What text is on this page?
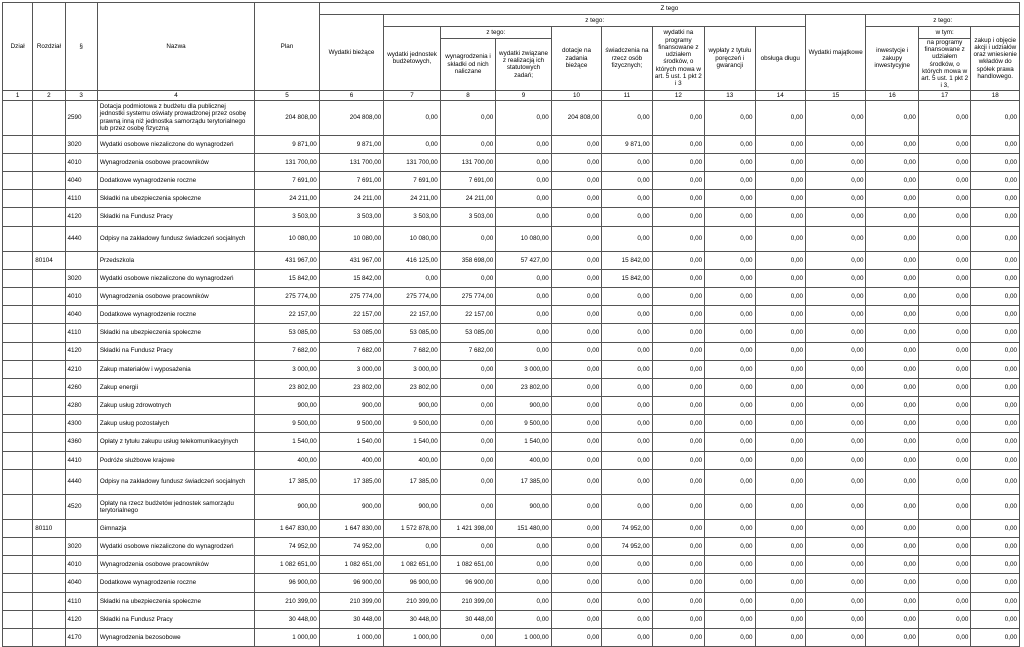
Dział	Rozdział	§	Nazwa	Plan	Z tego												
					Wydatki bieżące	z tego:								Wydatki majątkowe	z tego:		
						wydatki jednostek budżetowych,	z tego:		dotacje na zadania bieżące	świadczenia na rzecz osób fizycznych;	wydatki na programy finansowane z udziałem środków, o których mowa w art. 5 ust. 1 pkt 2 i 3	wypłaty z tytułu poręczeń i gwarancji	obsługa długu		inwestycje i zakupy inwestycyjne	w tym:	zakup i objęcie akcji i udziałów oraz wniesienie wkładów do spółek prawa handlowego.
							wynagrodzenia i składki od nich naliczane	wydatki związane z realizacją ich statutowych zadań;								na programy finansowane z udziałem środków, o których mowa w art. 5 ust. 1 pkt 2 i 3,	

1	2	3	4	5	6	7	8	9	10	11	12	13	14	15	16	17	18
		2590	Dotacja podmiotowa z budżetu dla publicznej jednostki systemu oświaty prowadzonej przez osobę prawną inną niż jednostka samorządu terytorialnego lub przez osobę fizyczną	204 808,00	204 808,00	0,00	0,00	0,00	204 808,00	0,00	0,00	0,00	0,00	0,00	0,00	0,00	0,00
		3020	Wydatki osobowe niezaliczone do wynagrodzeń	9 871,00	9 871,00	0,00	0,00	0,00	0,00	9 871,00	0,00	0,00	0,00	0,00	0,00	0,00	0,00
		4010	Wynagrodzenia osobowe pracowników	131 700,00	131 700,00	131 700,00	131 700,00	0,00	0,00	0,00	0,00	0,00	0,00	0,00	0,00	0,00	0,00
		4040	Dodatkowe wynagrodzenie roczne	7 691,00	7 691,00	7 691,00	7 691,00	0,00	0,00	0,00	0,00	0,00	0,00	0,00	0,00	0,00	0,00
		4110	Składki na ubezpieczenia społeczne	24 211,00	24 211,00	24 211,00	24 211,00	0,00	0,00	0,00	0,00	0,00	0,00	0,00	0,00	0,00	0,00
		4120	Składki na Fundusz Pracy	3 503,00	3 503,00	3 503,00	3 503,00	0,00	0,00	0,00	0,00	0,00	0,00	0,00	0,00	0,00	0,00
		4440	Odpisy na zakładowy fundusz świadczeń socjalnych	10 080,00	10 080,00	10 080,00	0,00	10 080,00	0,00	0,00	0,00	0,00	0,00	0,00	0,00	0,00	0,00
	80104		Przedszkola	431 967,00	431 967,00	416 125,00	358 698,00	57 427,00	0,00	15 842,00	0,00	0,00	0,00	0,00	0,00	0,00	0,00
		3020	Wydatki osobowe niezaliczone do wynagrodzeń	15 842,00	15 842,00	0,00	0,00	0,00	0,00	15 842,00	0,00	0,00	0,00	0,00	0,00	0,00	0,00
		4010	Wynagrodzenia osobowe pracowników	275 774,00	275 774,00	275 774,00	275 774,00	0,00	0,00	0,00	0,00	0,00	0,00	0,00	0,00	0,00	0,00
		4040	Dodatkowe wynagrodzenie roczne	22 157,00	22 157,00	22 157,00	22 157,00	0,00	0,00	0,00	0,00	0,00	0,00	0,00	0,00	0,00	0,00
		4110	Składki na ubezpieczenia społeczne	53 085,00	53 085,00	53 085,00	53 085,00	0,00	0,00	0,00	0,00	0,00	0,00	0,00	0,00	0,00	0,00
		4120	Składki na Fundusz Pracy	7 682,00	7 682,00	7 682,00	7 682,00	0,00	0,00	0,00	0,00	0,00	0,00	0,00	0,00	0,00	0,00
		4210	Zakup materiałów i wyposażenia	3 000,00	3 000,00	3 000,00	0,00	3 000,00	0,00	0,00	0,00	0,00	0,00	0,00	0,00	0,00	0,00
		4260	Zakup energii	23 802,00	23 802,00	23 802,00	0,00	23 802,00	0,00	0,00	0,00	0,00	0,00	0,00	0,00	0,00	0,00
		4280	Zakup usług zdrowotnych	900,00	900,00	900,00	0,00	900,00	0,00	0,00	0,00	0,00	0,00	0,00	0,00	0,00	0,00
		4300	Zakup usług pozostałych	9 500,00	9 500,00	9 500,00	0,00	9 500,00	0,00	0,00	0,00	0,00	0,00	0,00	0,00	0,00	0,00
		4360	Opłaty z tytułu zakupu usług telekomunikacyjnych	1 540,00	1 540,00	1 540,00	0,00	1 540,00	0,00	0,00	0,00	0,00	0,00	0,00	0,00	0,00	0,00
		4410	Podróże służbowe krajowe	400,00	400,00	400,00	0,00	400,00	0,00	0,00	0,00	0,00	0,00	0,00	0,00	0,00	0,00
		4440	Odpisy na zakładowy fundusz świadczeń socjalnych	17 385,00	17 385,00	17 385,00	0,00	17 385,00	0,00	0,00	0,00	0,00	0,00	0,00	0,00	0,00	0,00
		4520	Opłaty na rzecz budżetów jednostek samorządu terytorialnego	900,00	900,00	900,00	0,00	900,00	0,00	0,00	0,00	0,00	0,00	0,00	0,00	0,00	0,00
	80110		Gimnazja	1 647 830,00	1 647 830,00	1 572 878,00	1 421 398,00	151 480,00	0,00	74 952,00	0,00	0,00	0,00	0,00	0,00	0,00	0,00
		3020	Wydatki osobowe niezaliczone do wynagrodzeń	74 952,00	74 952,00	0,00	0,00	0,00	0,00	74 952,00	0,00	0,00	0,00	0,00	0,00	0,00	0,00
		4010	Wynagrodzenia osobowe pracowników	1 082 651,00	1 082 651,00	1 082 651,00	1 082 651,00	0,00	0,00	0,00	0,00	0,00	0,00	0,00	0,00	0,00	0,00
		4040	Dodatkowe wynagrodzenie roczne	96 900,00	96 900,00	96 900,00	96 900,00	0,00	0,00	0,00	0,00	0,00	0,00	0,00	0,00	0,00	0,00
		4110	Składki na ubezpieczenia społeczne	210 399,00	210 399,00	210 399,00	210 399,00	0,00	0,00	0,00	0,00	0,00	0,00	0,00	0,00	0,00	0,00
		4120	Składki na Fundusz Pracy	30 448,00	30 448,00	30 448,00	30 448,00	0,00	0,00	0,00	0,00	0,00	0,00	0,00	0,00	0,00	0,00
		4170	Wynagrodzenia bezosobowe	1 000,00	1 000,00	1 000,00	0,00	1 000,00	0,00	0,00	0,00	0,00	0,00	0,00	0,00	0,00	0,00
